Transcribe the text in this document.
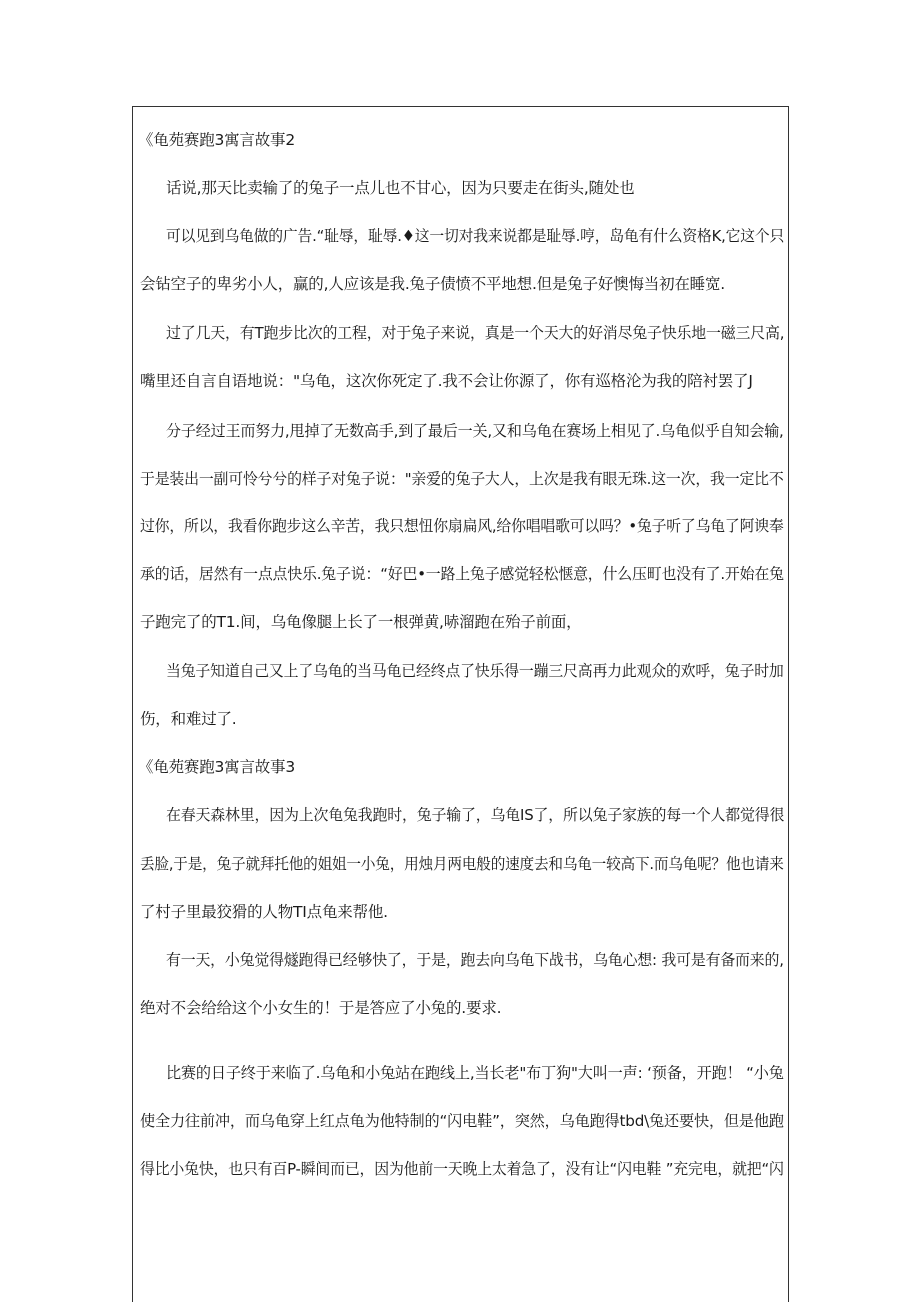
《龟苑赛跑3寓言故事2
话说,那天比卖输了的兔子一点儿也不甘心，因为只要走在街头,随处也
可以见到乌龟做的广告.“耻辱，耻辱.♦这一切对我来说都是耻辱.哼，岛龟有什么资格K,它这个只
会钻空子的卑劣小人，赢的,人应该是我.兔子债愤不平地想.但是兔子好懊悔当初在睡宽.
过了几天，有T跑步比次的工程，对于兔子来说，真是一个天大的好消尽兔子快乐地一磁三尺高,
嘴里还自言自语地说："乌龟，这次你死定了.我不会让你源了，你有巡格沦为我的陪衬罢了J
分子经过王而努力,甩掉了无数高手,到了最后一关,又和乌龟在赛场上相见了.乌龟似乎自知会输,
于是装出一副可怜兮兮的样子对兔子说："亲爱的兔子大人，上次是我有眼无珠.这一次，我一定比不
过你，所以，我看你跑步这么辛苦，我只想忸你扇扁风,给你唱唱歌可以吗？•兔子听了乌龟了阿谀奉
承的话，居然有一点点快乐.兔子说：“好巴•一路上兔子感觉轻松惬意，什么压町也没有了.开始在兔
子跑完了的T1.间，乌龟像腿上长了一根弹黄,哧溜跑在殆子前面，
当兔子知道自己又上了乌龟的当马龟已经终点了快乐得一蹦三尺高再力此观众的欢呼，兔子时加
伤，和难过了.
《龟苑赛跑3寓言故事3
在春天森林里，因为上次龟兔我跑时，兔子输了，乌龟IS了，所以兔子家族的每一个人都觉得很
丢脸,于是，兔子就拜托他的姐姐一小兔，用烛月两电般的速度去和乌龟一较高下.而乌龟呢？他也请来
了村子里最狡猾的人物TI点龟来帮他.
有一天，小兔觉得燧跑得已经够快了，于是，跑去向乌龟下战书，乌龟心想: 我可是有备而来的,
绝对不会给给这个小女生的！于是答应了小兔的.要求.
比赛的日子终于来临了.乌龟和小兔站在跑线上,当长老"布丁狗"大叫一声: ‘预备，开跑！ “小兔
使全力往前冲，而乌龟穿上红点龟为他特制的“闪电鞋”，突然，乌龟跑得tbd\兔还要快，但是他跑
得比小兔快，也只有百P-瞬间而已，因为他前一天晚上太着急了，没有让“闪电鞋 ”充完电，就把“闪
